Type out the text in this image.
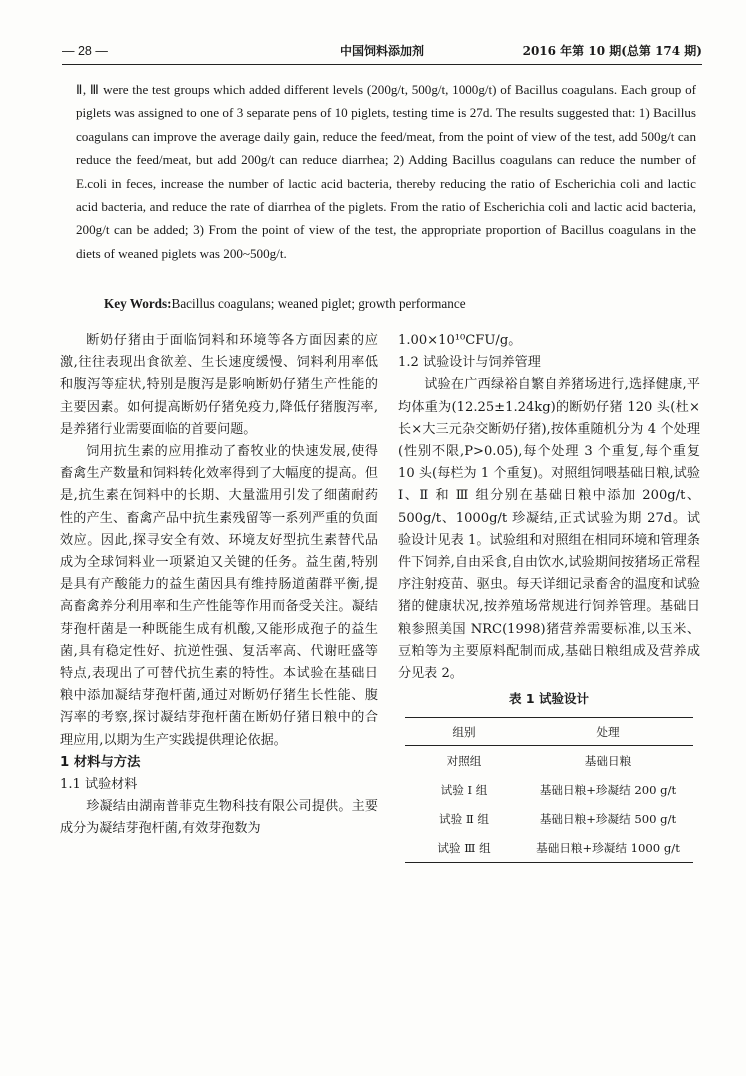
— 28 —	中国饲料添加剂	2016 年第 10 期(总第 174 期)
Ⅱ, Ⅲ were the test groups which added different levels (200g/t, 500g/t, 1000g/t) of Bacillus coagulans. Each group of piglets was assigned to one of 3 separate pens of 10 piglets, testing time is 27d. The results suggested that: 1) Bacillus coagulans can improve the average daily gain, reduce the feed/meat, from the point of view of the test, add 500g/t can reduce the feed/meat, but add 200g/t can reduce diarrhea; 2) Adding Bacillus coagulans can reduce the number of E.coli in feces, increase the number of lactic acid bacteria, thereby reducing the ratio of Escherichia coli and lactic acid bacteria, and reduce the rate of diarrhea of the piglets. From the ratio of Escherichia coli and lactic acid bacteria, 200g/t can be added; 3) From the point of view of the test, the appropriate proportion of Bacillus coagulans in the diets of weaned piglets was 200~500g/t.
Key Words:Bacillus coagulans; weaned piglet; growth performance

断奶仔猪由于面临饲料和环境等各方面因素的应激,往往表现出食欲差、生长速度缓慢、饲料利用率低和腹泻等症状,特别是腹泻是影响断奶仔猪生产性能的主要因素。如何提高断奶仔猪免疫力,降低仔猪腹泻率,是养猪行业需要面临的首要问题。

饲用抗生素的应用推动了畜牧业的快速发展,使得畜禽生产数量和饲料转化效率得到了大幅度的提高。但是,抗生素在饲料中的长期、大量滥用引发了细菌耐药性的产生、畜禽产品中抗生素残留等一系列严重的负面效应。因此,探寻安全有效、环境友好型抗生素替代品成为全球饲料业一项紧迫又关键的任务。益生菌,特别是具有产酸能力的益生菌因具有维持肠道菌群平衡,提高畜禽养分利用率和生产性能等作用而备受关注。凝结芽孢杆菌是一种既能生成有机酸,又能形成孢子的益生菌,具有稳定性好、抗逆性强、复活率高、代谢旺盛等特点,表现出了可替代抗生素的特性。本试验在基础日粮中添加凝结芽孢杆菌,通过对断奶仔猪生长性能、腹泻率的考察,探讨凝结芽孢杆菌在断奶仔猪日粮中的合理应用,以期为生产实践提供理论依据。

1 材料与方法
1.1 试验材料

珍凝结由湖南普菲克生物科技有限公司提供。主要成分为凝结芽孢杆菌,有效芽孢数为

1.00×10¹⁰CFU/g。

1.2 试验设计与饲养管理

试验在广西绿裕自繁自养猪场进行,选择健康,平均体重为(12.25±1.24kg)的断奶仔猪 120 头(杜×长×大三元杂交断奶仔猪),按体重随机分为 4 个处理(性别不限,P>0.05),每个处理 3 个重复,每个重复 10 头(每栏为 1 个重复)。对照组饲喂基础日粮,试验 Ⅰ、Ⅱ 和 Ⅲ 组分别在基础日粮中添加 200g/t、500g/t、1000g/t 珍凝结,正式试验为期 27d。试验设计见表 1。试验组和对照组在相同环境和管理条件下饲养,自由采食,自由饮水,试验期间按猪场正常程序注射疫苗、驱虫。每天详细记录畜舍的温度和试验猪的健康状况,按养殖场常规进行饲养管理。基础日粮参照美国 NRC(1998)猪营养需要标准,以玉米、豆粕等为主要原料配制而成,基础日粮组成及营养成分见表 2。

表 1 试验设计
组别	处理
对照组	基础日粮
试验 Ⅰ 组	基础日粮+珍凝结 200 g/t
试验 Ⅱ 组	基础日粮+珍凝结 500 g/t
试验 Ⅲ 组	基础日粮+珍凝结 1000 g/t
